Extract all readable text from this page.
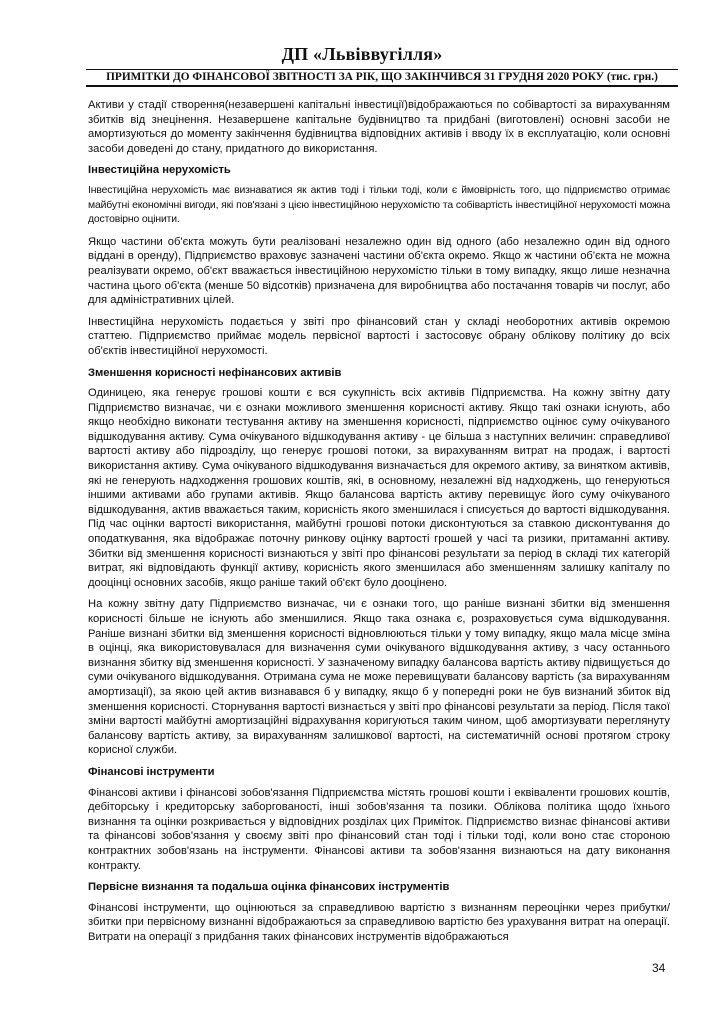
ДП «Львіввугілля»
ПРИМІТКИ ДО ФІНАНСОВОЇ ЗВІТНОСТІ ЗА РІК, ЩО ЗАКІНЧИВСЯ 31 ГРУДНЯ 2020 РОКУ (тис. грн.)

Активи у стадії створення(незавершені капітальні інвестиції)відображаються по собівартості за вирахуванням збитків від знецінення. Незавершене капітальне будівництво та придбані (виготовлені) основні засоби не амортизуються до моменту закінчення будівництва відповідних активів і вводу їх в експлуатацію, коли основні засоби доведені до стану, придатного до використання.

Інвестиційна нерухомість

Інвестиційна нерухомість має визнаватися як актив тоді і тільки тоді, коли є ймовірність того, що підприємство отримає майбутні економічні вигоди, які пов'язані з цією інвестиційною нерухомістю та собівартість інвестиційної нерухомості можна достовірно оцінити.

Якщо частини об'єкта можуть бути реалізовані незалежно один від одного (або незалежно один від одного віддані в оренду), Підприємство враховує зазначені частини об'єкта окремо. Якщо ж частини об'єкта не можна реалізувати окремо, об'єкт вважається інвестиційною нерухомістю тільки в тому випадку, якщо лише незначна частина цього об'єкта (менше 50 відсотків) призначена для виробництва або постачання товарів чи послуг, або для адміністративних цілей.

Інвестиційна нерухомість подається у звіті про фінансовий стан у складі необоротних активів окремою статтею. Підприємство приймає модель первісної вартості і застосовує обрану облікову політику до всіх об'єктів інвестиційної нерухомості.

Зменшення корисності нефінансових активів

Одиницею, яка генерує грошові кошти є вся сукупність всіх активів Підприємства. На кожну звітну дату Підприємство визначає, чи є ознаки можливого зменшення корисності активу. Якщо такі ознаки існують, або якщо необхідно виконати тестування активу на зменшення корисності, підприємство оцінює суму очікуваного відшкодування активу. Сума очікуваного відшкодування активу - це більша з наступних величин: справедливої вартості активу або підрозділу, що генерує грошові потоки, за вирахуванням витрат на продаж, і вартості використання активу. Сума очікуваного відшкодування визначається для окремого активу, за винятком активів, які не генерують надходження грошових коштів, які, в основному, незалежні від надходжень, що генеруються іншими активами або групами активів. Якщо балансова вартість активу перевищує його суму очікуваного відшкодування, актив вважається таким, корисність якого зменшилася і списується до вартості відшкодування. Під час оцінки вартості використання, майбутні грошові потоки дисконтуються за ставкою дисконтування до оподаткування, яка відображає поточну ринкову оцінку вартості грошей у часі та ризики, притаманні активу. Збитки від зменшення корисності визнаються у звіті про фінансові результати за період в складі тих категорій витрат, які відповідають функції активу, корисність якого зменшилася або зменшенням залишку капіталу по дооцінці основних засобів, якщо раніше такий об'єкт було дооцінено.

На кожну звітну дату Підприємство визначає, чи є ознаки того, що раніше визнані збитки від зменшення корисності більше не існують або зменшилися. Якщо така ознака є, розраховується сума відшкодування. Раніше визнані збитки від зменшення корисності відновлюються тільки у тому випадку, якщо мала місце зміна в оцінці, яка використовувалася для визначення суми очікуваного відшкодування активу, з часу останнього визнання збитку від зменшення корисності. У зазначеному випадку балансова вартість активу підвищується до суми очікуваного відшкодування. Отримана сума не може перевищувати балансову вартість (за вирахуванням амортизації), за якою цей актив визнавався б у випадку, якщо б у попередні роки не був визнаний збиток від зменшення корисності. Сторнування вартості визнається у звіті про фінансові результати за період. Після такої зміни вартості майбутні амортизаційні відрахування коригуються таким чином, щоб амортизувати переглянуту балансову вартість активу, за вирахуванням залишкової вартості, на систематичній основі протягом строку корисної служби.

Фінансові інструменти

Фінансові активи і фінансові зобов'язання Підприємства містять грошові кошти і еквіваленти грошових коштів, дебіторську і кредиторську заборгованості, інші зобов'язання та позики. Облікова політика щодо їхнього визнання та оцінки розкривається у відповідних розділах цих Приміток. Підприємство визнає фінансові активи та фінансові зобов'язання у своєму звіті про фінансовий стан тоді і тільки тоді, коли воно стає стороною контрактних зобов'язань на інструменти. Фінансові активи та зобов'язання визнаються на дату виконання контракту.

Первісне визнання та подальша оцінка фінансових інструментів

Фінансові інструменти, що оцінюються за справедливою вартістю з визнанням переоцінки через прибутки/збитки при первісному визнанні відображаються за справедливою вартістю без урахування витрат на операції. Витрати на операції з придбання таких фінансових інструментів відображаються

34
